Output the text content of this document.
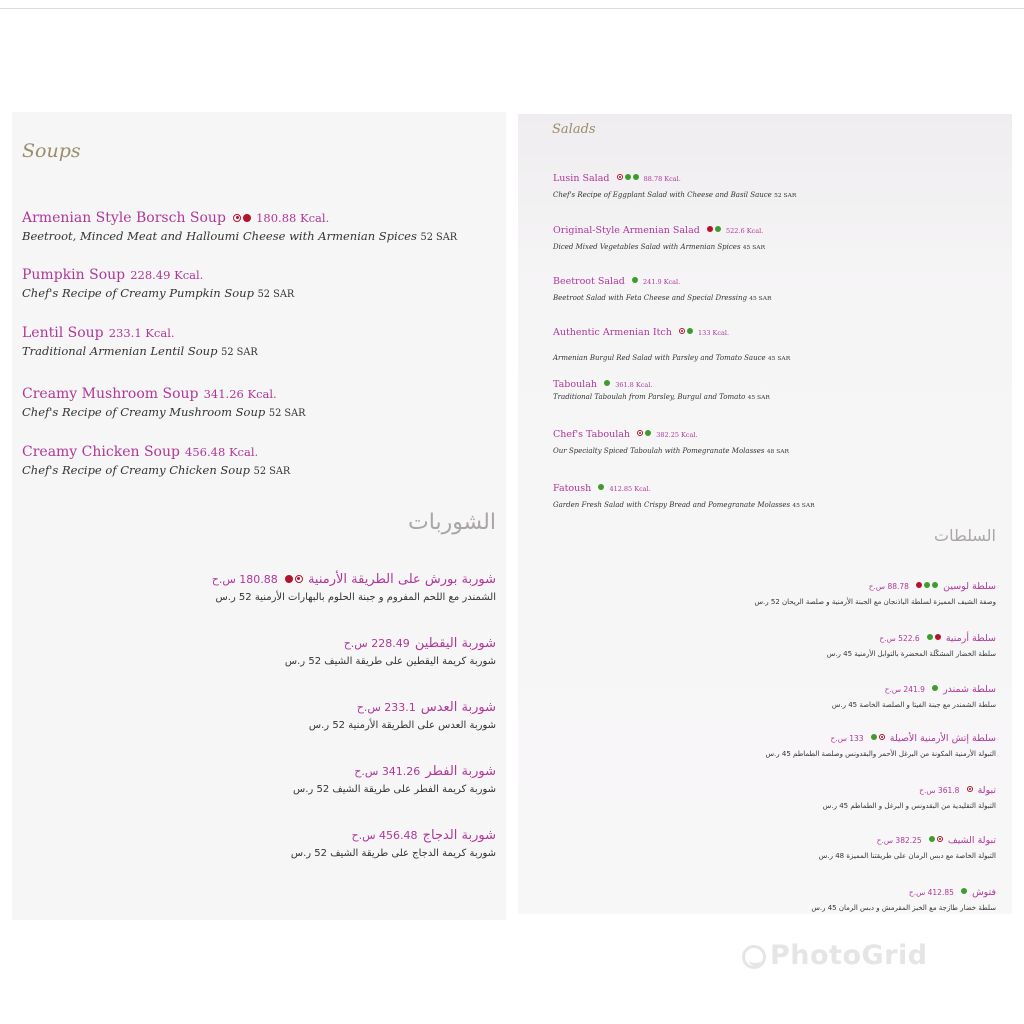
Soups
Armenian Style Borsch Soup	180.88 Kcal.
Beetroot, Minced Meat and Halloumi Cheese with Armenian Spices 52 SAR
Pumpkin Soup 228.49 Kcal.
Chef's Recipe of Creamy Pumpkin Soup 52 SAR
Lentil Soup 233.1 Kcal.
Traditional Armenian Lentil Soup 52 SAR
Creamy Mushroom Soup 341.26 Kcal.
Chef's Recipe of Creamy Mushroom Soup 52 SAR
Creamy Chicken Soup 456.48 Kcal.
Chef's Recipe of Creamy Chicken Soup 52 SAR
الشوربات
شوربة بورش على الطريقة الأرمنية  180.88 س.ح
الشمندر مع اللحم المفروم و جبنة الحلوم بالبهارات الأرمنية 52 ر.س
شوربة اليقطين 228.49 س.ح
شوربة كريمة اليقطين على طريقة الشيف 52 ر.س
شوربة العدس 233.1 س.ح
شوربة العدس على الطريقة الأرمنية 52 ر.س
شوربة الفطر 341.26 س.ح
شوربة كريمة الفطر على طريقة الشيف 52 ر.س
شوربة الدجاج 456.48 س.ح
شوربة كريمة الدجاج على طريقة الشيف 52 ر.س
Salads
Lusin Salad	88.78 Kcal.
Chef's Recipe of Eggplant Salad with Cheese and Basil Sauce 52 SAR
Original-Style Armenian Salad	522.6 Kcal.
Diced Mixed Vegetables Salad with Armenian Spices 45 SAR
Beetroot Salad	241.9 Kcal.
Beetroot Salad with Feta Cheese and Special Dressing 45 SAR
Authentic Armenian Itch	133 Kcal.
Armenian Burgul Red Salad with Parsley and Tomato Sauce 45 SAR
Taboulah	361.8 Kcal.
Traditional Taboulah from Parsley, Burgul and Tomato 45 SAR
Chef's Taboulah	382.25 Kcal.
Our Specialty Spiced Taboulah with Pomegranate Molasses 48 SAR
Fatoush	412.85 Kcal.
Garden Fresh Salad with Crispy Bread and Pomegranate Molasses 45 SAR
السلطات
سلطة لوسين  88.78 س.ح
وصفة الشيف المميزة لسلطة الباذنجان مع الجبنة الأرمنية و صلصة الريحان 52 ر.س
سلطة أرمنية  522.6 س.ح
سلطة الخضار المشكّلة المحضرة بالتوابل الأرمنية 45 ر.س
سلطة شمندر  241.9 س.ح
سلطة الشمندر مع جبنة الفيتا و الصلصة الخاصة 45 ر.س
سلطة إتش الأرمنية الأصيلة  133 س.ح
التبولة الأرمنية المكونة من البرغل الأحمر والبقدونس وصلصة الطماطم 45 ر.س
تبولة  361.8 س.ح
التبولة التقليدية من البقدونس و البرغل و الطماطم 45 ر.س
تبولة الشيف  382.25 س.ح
التبولة الخاصة مع دبس الرمان على طريقتنا المميزة 48 ر.س
فتوش  412.85 س.ح
سلطة خضار طازجة مع الخبز المقرمش و دبس الرمان 45 ر.س
PhotoGrid
